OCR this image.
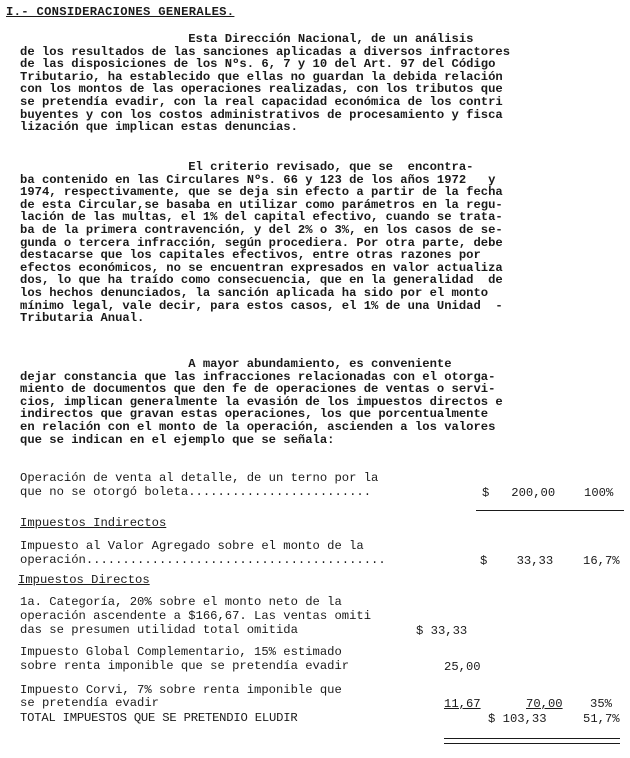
I.- CONSIDERACIONES GENERALES.
Esta Dirección Nacional, de un análisis
de los resultados de las sanciones aplicadas a diversos infractores
de las disposiciones de los Nºs. 6, 7 y 10 del Art. 97 del Código
Tributario, ha establecido que ellas no guardan la debida relación
con los montos de las operaciones realizadas, con los tributos que
se pretendía evadir, con la real capacidad económica de los contri
buyentes y con los costos administrativos de procesamiento y fisca
lización que implican estas denuncias.
El criterio revisado, que se  encontra-
ba contenido en las Circulares Nºs. 66 y 123 de los años 1972   y
1974, respectivamente, que se deja sin efecto a partir de la fecha
de esta Circular,se basaba en utilizar como parámetros en la regu-
lación de las multas, el 1% del capital efectivo, cuando se trata-
ba de la primera contravención, y del 2% o 3%, en los casos de se-
gunda o tercera infracción, según procediera. Por otra parte, debe
destacarse que los capitales efectivos, entre otras razones por
efectos económicos, no se encuentran expresados en valor actualiza
dos, lo que ha traído como consecuencia, que en la generalidad  de
los hechos denunciados, la sanción aplicada ha sido por el monto
mínimo legal, vale decir, para estos casos, el 1% de una Unidad  -
Tributaria Anual.
A mayor abundamiento, es conveniente
dejar constancia que las infracciones relacionadas con el otorga-
miento de documentos que den fe de operaciones de ventas o servi-
cios, implican generalmente la evasión de los impuestos directos e
indirectos que gravan estas operaciones, los que porcentualmente
en relación con el monto de la operación, ascienden a los valores
que se indican en el ejemplo que se señala:
Operación de venta al detalle, de un terno por la
que no se otorgó boleta.........................	$   200,00 100%
Impuestos Indirectos
Impuesto al Valor Agregado sobre el monto de la
operación.........................................	$    33,33 16,7%
Impuestos Directos
1a. Categoría, 20% sobre el monto neto de la
operación ascendente a $166,67. Las ventas omiti
das se presumen utilidad total omitida	$ 33,33
Impuesto Global Complementario, 15% estimado
sobre renta imponible que se pretendía evadir	25,00
Impuesto Corvi, 7% sobre renta imponible que
se pretendía evadir	11,67	70,00 35%
TOTAL IMPUESTOS QUE SE PRETENDIO ELUDIR	$ 103,33	51,7%
